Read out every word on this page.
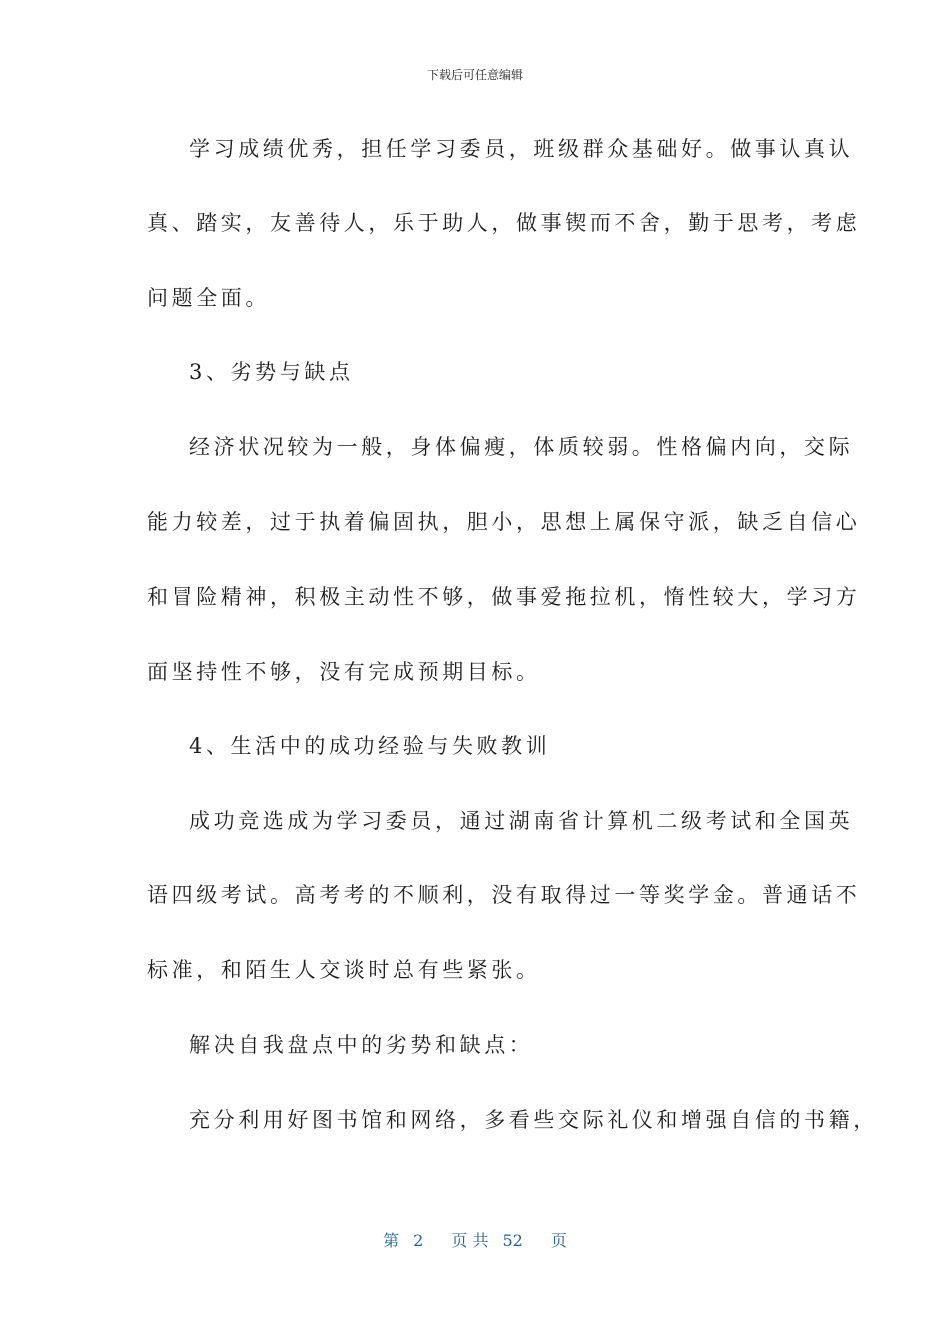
下载后可任意编辑
学习成绩优秀，担任学习委员，班级群众基础好。做事认真认
真、踏实，友善待人，乐于助人，做事锲而不舍，勤于思考，考虑
问题全面。
3、劣势与缺点
经济状况较为一般，身体偏瘦，体质较弱。性格偏内向，交际
能力较差，过于执着偏固执，胆小，思想上属保守派，缺乏自信心
和冒险精神，积极主动性不够，做事爱拖拉机，惰性较大，学习方
面坚持性不够，没有完成预期目标。
4、生活中的成功经验与失败教训
成功竞选成为学习委员，通过湖南省计算机二级考试和全国英
语四级考试。高考考的不顺利，没有取得过一等奖学金。普通话不
标准，和陌生人交谈时总有些紧张。
解决自我盘点中的劣势和缺点：
充分利用好图书馆和网络，多看些交际礼仪和增强自信的书籍，
第 2 页 共 52 页
